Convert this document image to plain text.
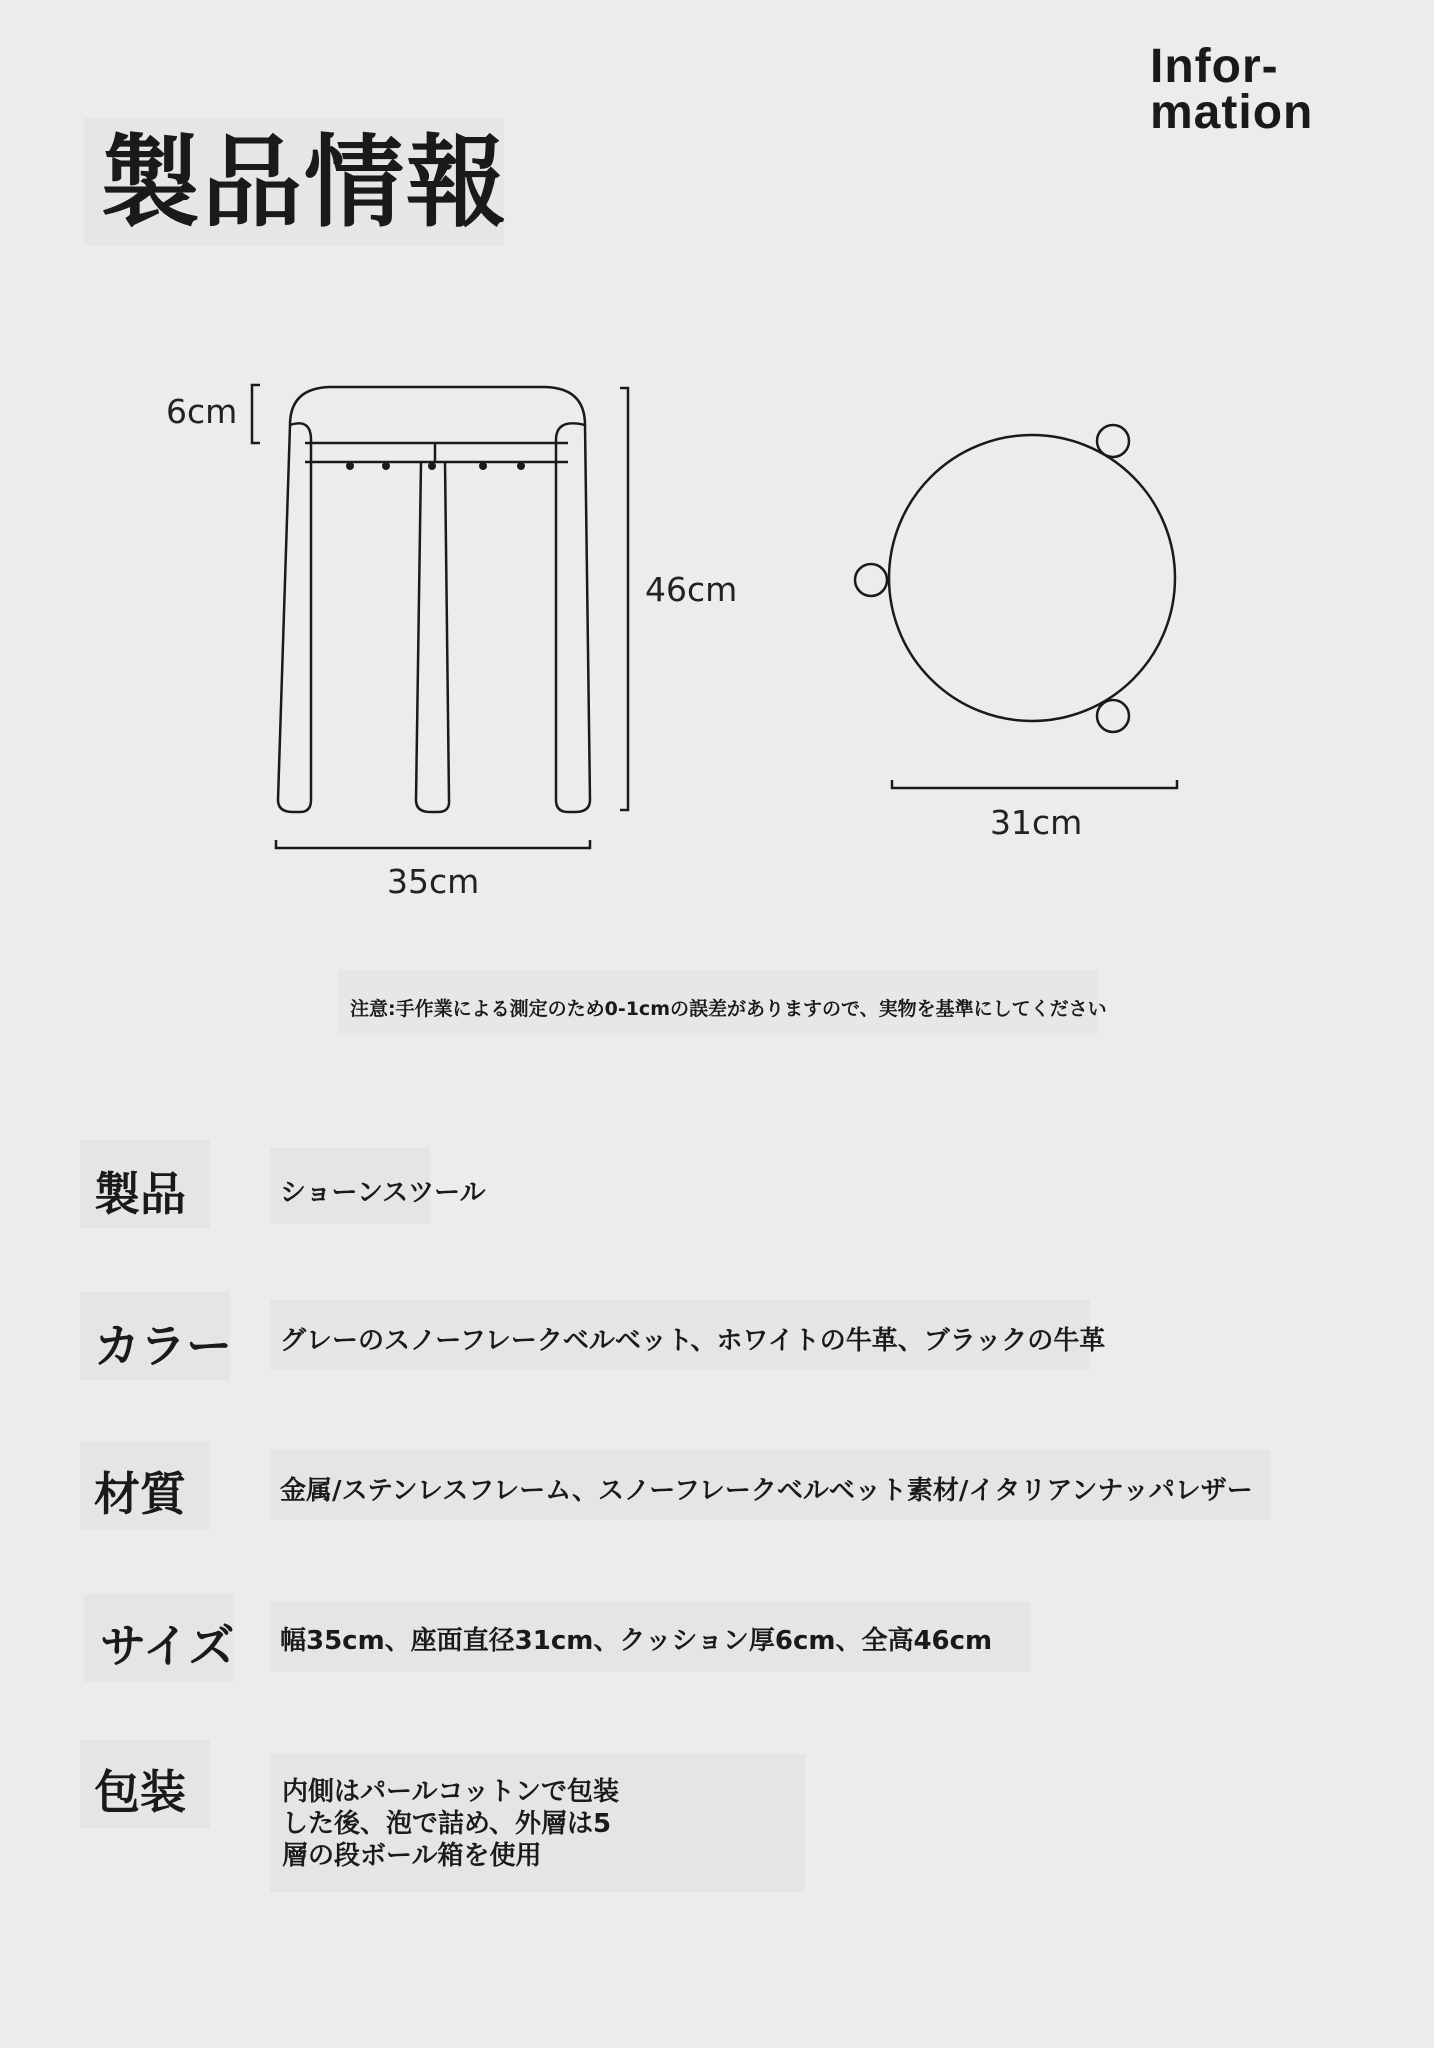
Infor-
mation
製品情報
6cm
46cm
35cm
31cm
注意:手作業による測定のため0-1cmの誤差がありますので、実物を基準にしてください
製品	ショーンスツール
カラー グレーのスノーフレークベルベット、ホワイトの牛革、ブラックの牛革
材質	金属/ステンレスフレーム、スノーフレークベルベット素材/イタリアンナッパレザー
サイズ 幅35cm、座面直径31cm、クッション厚6cm、全高46cm
包装	内側はパールコットンで包装
した後、泡で詰め、外層は5
層の段ボール箱を使用
